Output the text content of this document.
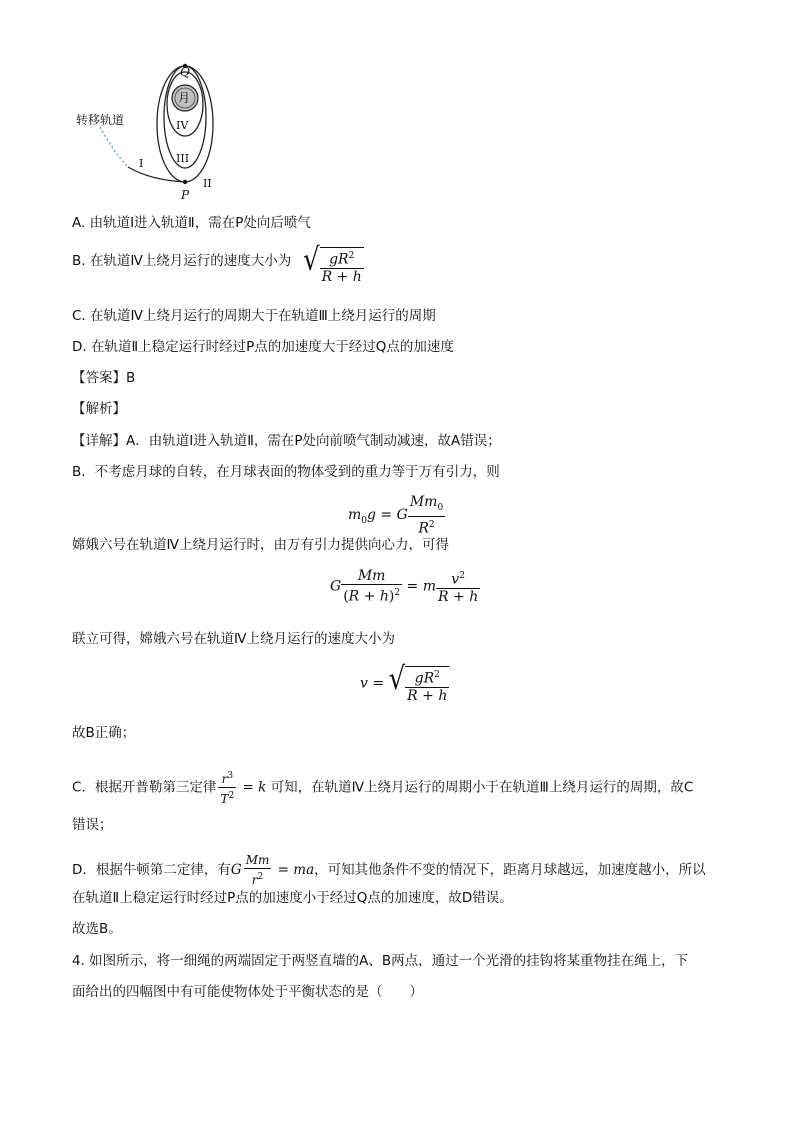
Q
月
IV
III
I
II
P
转移轨道
A. 由轨道Ⅰ进入轨道Ⅱ，需在P处向后喷气
B. 在轨道Ⅳ上绕月运行的速度大小为 √ $\frac{gR^2}{R + h}$
C. 在轨道Ⅳ上绕月运行的周期大于在轨道Ⅲ上绕月运行的周期
D. 在轨道Ⅱ上稳定运行时经过P点的加速度大于经过Q点的加速度
【答案】B
【解析】
【详解】A．由轨道Ⅰ进入轨道Ⅱ，需在P处向前喷气制动减速，故A错误；
B．不考虑月球的自转，在月球表面的物体受到的重力等于万有引力，则
$m_0g = G \frac{Mm_0}{R^2}$
嫦娥六号在轨道Ⅳ上绕月运行时，由万有引力提供向心力，可得
G $\frac{Mm}{(R + h)^2} = m \frac{v^2}{R + h}$
联立可得，嫦娥六号在轨道Ⅳ上绕月运行的速度大小为
v = √ $\frac{gR^2}{R + h}$
故B正确；
C．根据开普勒第三定律 $\frac{r^3}{T^2} = k$ 可知，在轨道Ⅳ上绕月运行的周期小于在轨道Ⅲ上绕月运行的周期，故C
错误；
D．根据牛顿第二定律，有G $\frac{Mm}{r^2}$ = ma，可知其他条件不变的情况下，距离月球越远，加速度越小，所以
在轨道Ⅱ上稳定运行时经过P点的加速度小于经过Q点的加速度，故D错误。
故选B。
4. 如图所示，将一细绳的两端固定于两竖直墙的A、B两点，通过一个光滑的挂钩将某重物挂在绳上，下
面给出的四幅图中有可能使物体处于平衡状态的是（　　）
